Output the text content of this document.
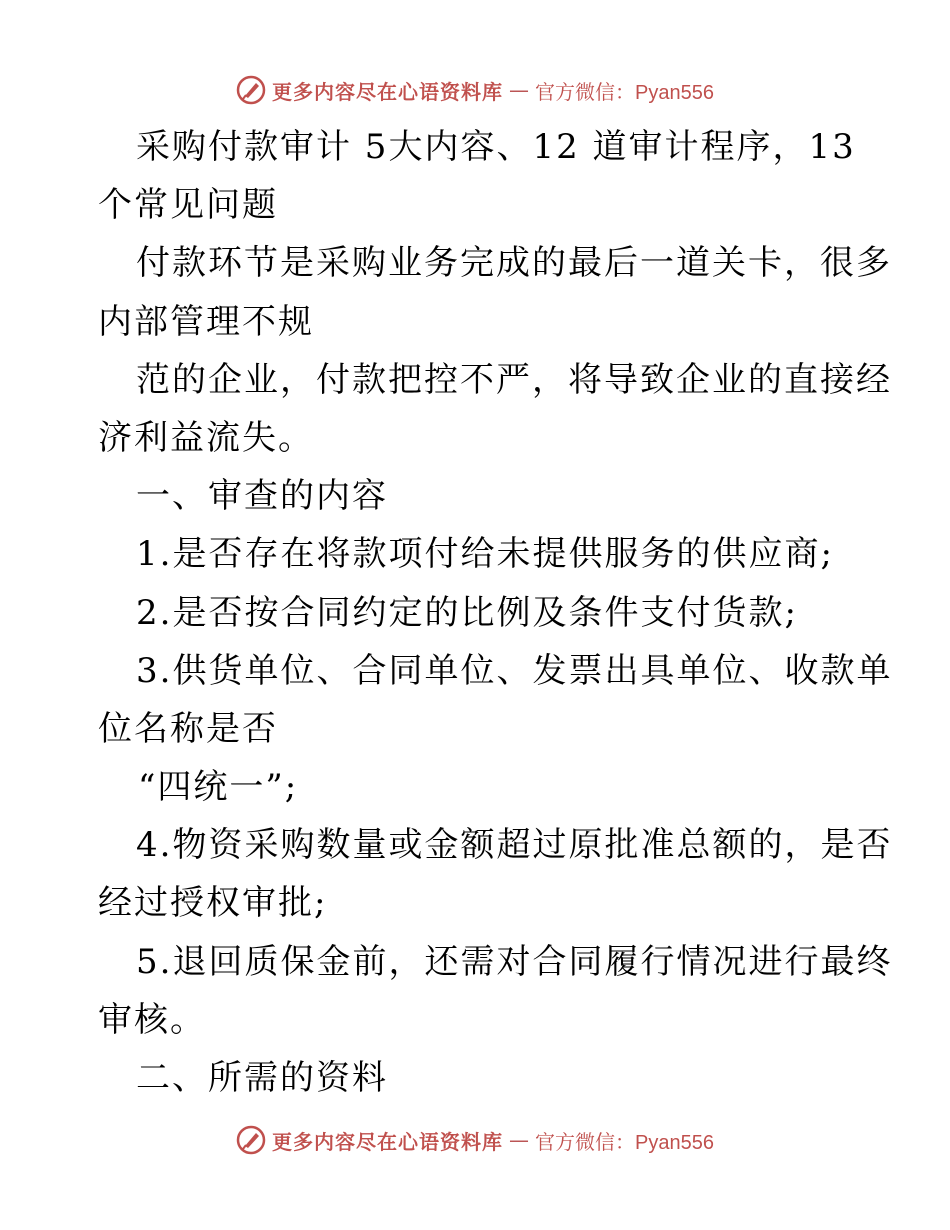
更多内容尽在心语资料库 — 官方微信：Pyan556
采购付款审计 5大内容、12 道审计程序，13
个常见问题
付款环节是采购业务完成的最后一道关卡，很多
内部管理不规
范的企业，付款把控不严，将导致企业的直接经
济利益流失。
一、审查的内容
1.是否存在将款项付给未提供服务的供应商;
2.是否按合同约定的比例及条件支付货款;
3.供货单位、合同单位、发票出具单位、收款单
位名称是否
“四统一”;
4.物资采购数量或金额超过原批准总额的，是否
经过授权审批;
5.退回质保金前，还需对合同履行情况进行最终
审核。
二、所需的资料
更多内容尽在心语资料库 — 官方微信：Pyan556
